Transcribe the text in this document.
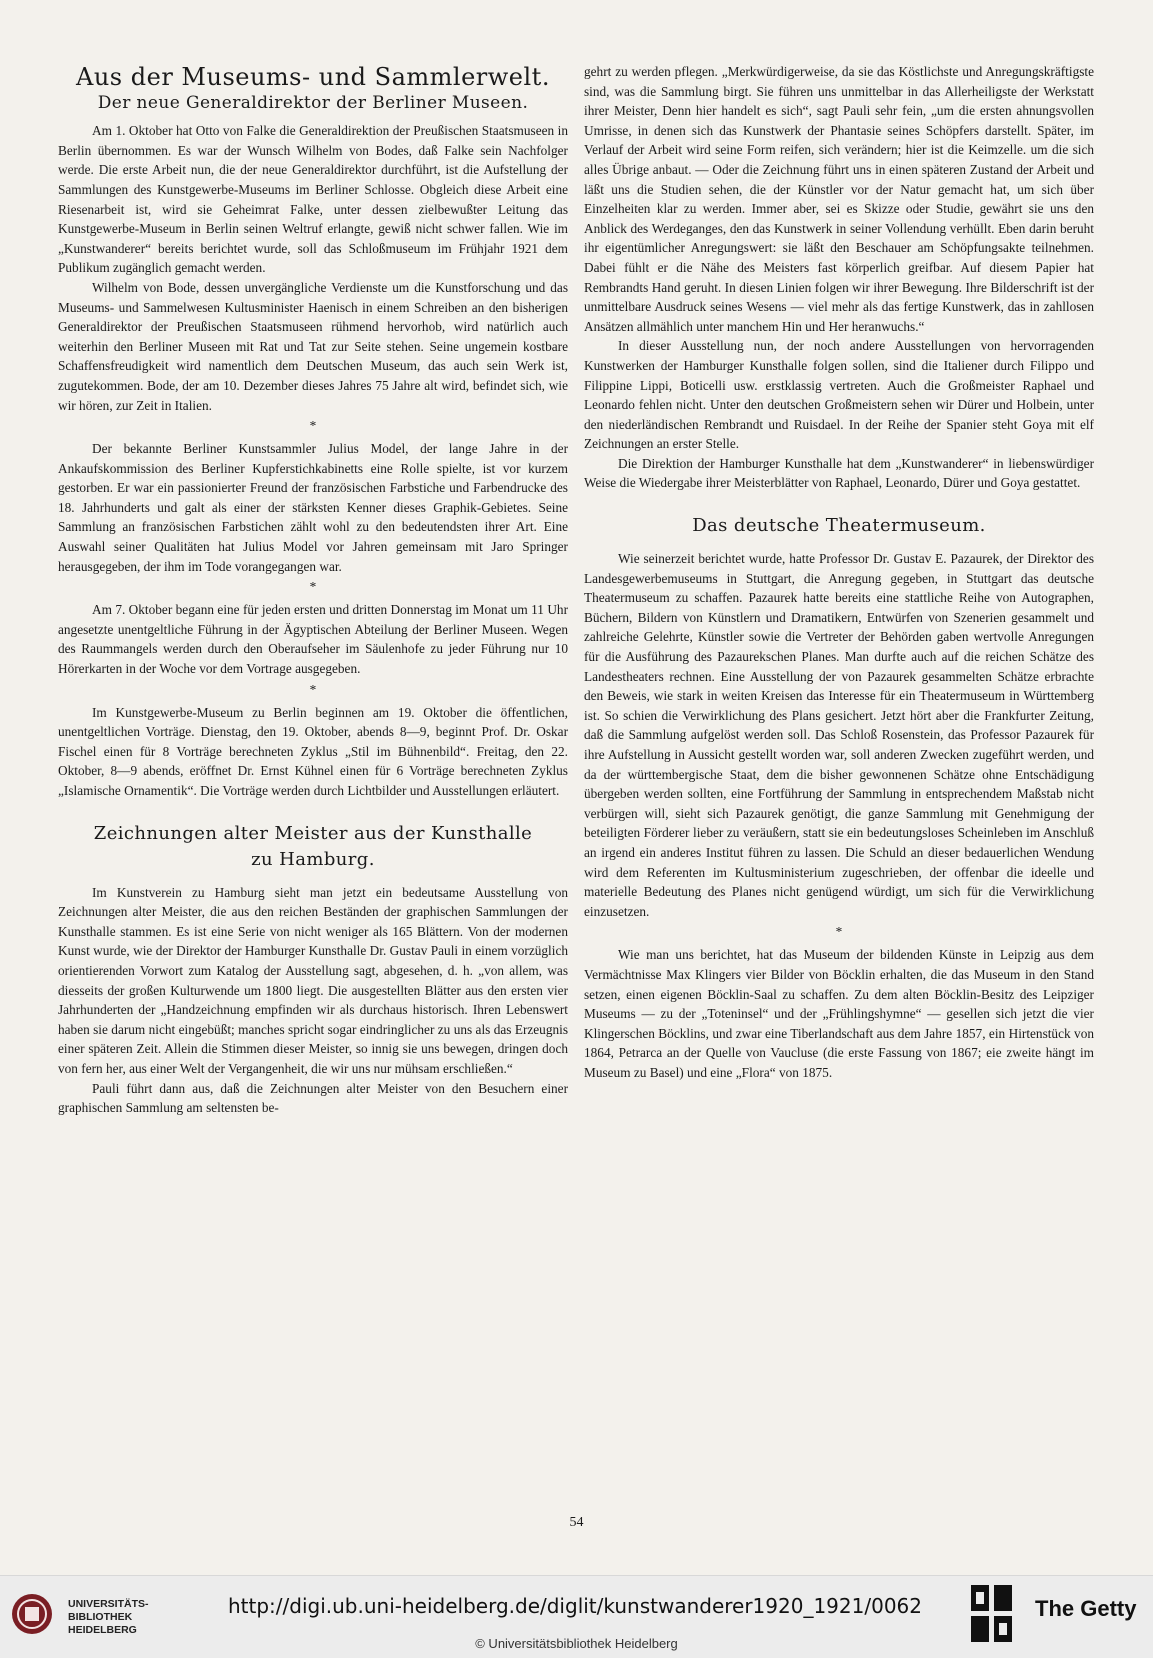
Aus der Museums- und Sammlerwelt.
Der neue Generaldirektor der Berliner Museen.

Am 1. Oktober hat Otto von Falke die Generaldirektion der Preußischen Staatsmuseen in Berlin übernommen. Es war der Wunsch Wilhelm von Bodes, daß Falke sein Nachfolger werde. Die erste Arbeit nun, die der neue Generaldirektor durchführt, ist die Aufstellung der Sammlungen des Kunstgewerbe-Museums im Berliner Schlosse. Obgleich diese Arbeit eine Riesenarbeit ist, wird sie Geheimrat Falke, unter dessen zielbewußter Leitung das Kunstgewerbe-Museum in Berlin seinen Weltruf erlangte, gewiß nicht schwer fallen. Wie im „Kunstwanderer“ bereits berichtet wurde, soll das Schloßmuseum im Frühjahr 1921 dem Publikum zugänglich gemacht werden.

Wilhelm von Bode, dessen unvergängliche Verdienste um die Kunstforschung und das Museums- und Sammelwesen Kultusminister Haenisch in einem Schreiben an den bisherigen Generaldirektor der Preußischen Staatsmuseen rühmend hervorhob, wird natürlich auch weiterhin den Berliner Museen mit Rat und Tat zur Seite stehen. Seine ungemein kostbare Schaffensfreudigkeit wird namentlich dem Deutschen Museum, das auch sein Werk ist, zugutekommen. Bode, der am 10. Dezember dieses Jahres 75 Jahre alt wird, befindet sich, wie wir hören, zur Zeit in Italien.

*

Der bekannte Berliner Kunstsammler Julius Model, der lange Jahre in der Ankaufskommission des Berliner Kupferstichkabinetts eine Rolle spielte, ist vor kurzem gestorben. Er war ein passionierter Freund der französischen Farbstiche und Farbendrucke des 18. Jahrhunderts und galt als einer der stärksten Kenner dieses Graphik-Gebietes. Seine Sammlung an französischen Farbstichen zählt wohl zu den bedeutendsten ihrer Art. Eine Auswahl seiner Qualitäten hat Julius Model vor Jahren gemeinsam mit Jaro Springer herausgegeben, der ihm im Tode vorangegangen war.

*

Am 7. Oktober begann eine für jeden ersten und dritten Donnerstag im Monat um 11 Uhr angesetzte unentgeltliche Führung in der Ägyptischen Abteilung der Berliner Museen. Wegen des Raummangels werden durch den Oberaufseher im Säulenhofe zu jeder Führung nur 10 Hörerkarten in der Woche vor dem Vortrage ausgegeben.

*

Im Kunstgewerbe-Museum zu Berlin beginnen am 19. Oktober die öffentlichen, unentgeltlichen Vorträge. Dienstag, den 19. Oktober, abends 8—9, beginnt Prof. Dr. Oskar Fischel einen für 8 Vorträge berechneten Zyklus „Stil im Bühnenbild“. Freitag, den 22. Oktober, 8—9 abends, eröffnet Dr. Ernst Kühnel einen für 6 Vorträge berechneten Zyklus „Islamische Ornamentik“. Die Vorträge werden durch Lichtbilder und Ausstellungen erläutert.

Zeichnungen alter Meister aus der Kunsthalle
zu Hamburg.

Im Kunstverein zu Hamburg sieht man jetzt ein bedeutsame Ausstellung von Zeichnungen alter Meister, die aus den reichen Beständen der graphischen Sammlungen der Kunsthalle stammen. Es ist eine Serie von nicht weniger als 165 Blättern. Von der modernen Kunst wurde, wie der Direktor der Hamburger Kunsthalle Dr. Gustav Pauli in einem vorzüglich orientierenden Vorwort zum Katalog der Ausstellung sagt, abgesehen, d. h. „von allem, was diesseits der großen Kulturwende um 1800 liegt. Die ausgestellten Blätter aus den ersten vier Jahrhunderten der „Handzeichnung empfinden wir als durchaus historisch. Ihren Lebenswert haben sie darum nicht eingebüßt; manches spricht sogar eindringlicher zu uns als das Erzeugnis einer späteren Zeit. Allein die Stimmen dieser Meister, so innig sie uns bewegen, dringen doch von fern her, aus einer Welt der Vergangenheit, die wir uns nur mühsam erschließen.“

Pauli führt dann aus, daß die Zeichnungen alter Meister von den Besuchern einer graphischen Sammlung am seltensten be-

gehrt zu werden pflegen. „Merkwürdigerweise, da sie das Köstlichste und Anregungskräftigste sind, was die Sammlung birgt. Sie führen uns unmittelbar in das Allerheiligste der Werkstatt ihrer Meister, Denn hier handelt es sich“, sagt Pauli sehr fein, „um die ersten ahnungsvollen Umrisse, in denen sich das Kunstwerk der Phantasie seines Schöpfers darstellt. Später, im Verlauf der Arbeit wird seine Form reifen, sich verändern; hier ist die Keimzelle. um die sich alles Übrige anbaut. — Oder die Zeichnung führt uns in einen späteren Zustand der Arbeit und läßt uns die Studien sehen, die der Künstler vor der Natur gemacht hat, um sich über Einzelheiten klar zu werden. Immer aber, sei es Skizze oder Studie, gewährt sie uns den Anblick des Werdeganges, den das Kunstwerk in seiner Vollendung verhüllt. Eben darin beruht ihr eigentümlicher Anregungswert: sie läßt den Beschauer am Schöpfungsakte teilnehmen. Dabei fühlt er die Nähe des Meisters fast körperlich greifbar. Auf diesem Papier hat Rembrandts Hand geruht. In diesen Linien folgen wir ihrer Bewegung. Ihre Bilderschrift ist der unmittelbare Ausdruck seines Wesens — viel mehr als das fertige Kunstwerk, das in zahllosen Ansätzen allmählich unter manchem Hin und Her heranwuchs.“

In dieser Ausstellung nun, der noch andere Ausstellungen von hervorragenden Kunstwerken der Hamburger Kunsthalle folgen sollen, sind die Italiener durch Filippo und Filippine Lippi, Boticelli usw. erstklassig vertreten. Auch die Großmeister Raphael und Leonardo fehlen nicht. Unter den deutschen Großmeistern sehen wir Dürer und Holbein, unter den niederländischen Rembrandt und Ruisdael. In der Reihe der Spanier steht Goya mit elf Zeichnungen an erster Stelle.

Die Direktion der Hamburger Kunsthalle hat dem „Kunstwanderer“ in liebenswürdiger Weise die Wiedergabe ihrer Meisterblätter von Raphael, Leonardo, Dürer und Goya gestattet.

Das deutsche Theatermuseum.

Wie seinerzeit berichtet wurde, hatte Professor Dr. Gustav E. Pazaurek, der Direktor des Landesgewerbemuseums in Stuttgart, die Anregung gegeben, in Stuttgart das deutsche Theatermuseum zu schaffen. Pazaurek hatte bereits eine stattliche Reihe von Autographen, Büchern, Bildern von Künstlern und Dramatikern, Entwürfen von Szenerien gesammelt und zahlreiche Gelehrte, Künstler sowie die Vertreter der Behörden gaben wertvolle Anregungen für die Ausführung des Pazaurekschen Planes. Man durfte auch auf die reichen Schätze des Landestheaters rechnen. Eine Ausstellung der von Pazaurek gesammelten Schätze erbrachte den Beweis, wie stark in weiten Kreisen das Interesse für ein Theatermuseum in Württemberg ist. So schien die Verwirklichung des Plans gesichert. Jetzt hört aber die Frankfurter Zeitung, daß die Sammlung aufgelöst werden soll. Das Schloß Rosenstein, das Professor Pazaurek für ihre Aufstellung in Aussicht gestellt worden war, soll anderen Zwecken zugeführt werden, und da der württembergische Staat, dem die bisher gewonnenen Schätze ohne Entschädigung übergeben werden sollten, eine Fortführung der Sammlung in entsprechendem Maßstab nicht verbürgen will, sieht sich Pazaurek genötigt, die ganze Sammlung mit Genehmigung der beteiligten Förderer lieber zu veräußern, statt sie ein bedeutungsloses Scheinleben im Anschluß an irgend ein anderes Institut führen zu lassen. Die Schuld an dieser bedauerlichen Wendung wird dem Referenten im Kultusministerium zugeschrieben, der offenbar die ideelle und materielle Bedeutung des Planes nicht genügend würdigt, um sich für die Verwirklichung einzusetzen.

*

Wie man uns berichtet, hat das Museum der bildenden Künste in Leipzig aus dem Vermächtnisse Max Klingers vier Bilder von Böcklin erhalten, die das Museum in den Stand setzen, einen eigenen Böcklin-Saal zu schaffen. Zu dem alten Böcklin-Besitz des Leipziger Museums — zu der „Toteninsel“ und der „Frühlingshymne“ — gesellen sich jetzt die vier Klingerschen Böcklins, und zwar eine Tiberlandschaft aus dem Jahre 1857, ein Hirtenstück von 1864, Petrarca an der Quelle von Vaucluse (die erste Fassung von 1867; eie zweite hängt im Museum zu Basel) und eine „Flora“ von 1875.

54
UNIVERSITÄTS-
BIBLIOTHEK
HEIDELBERG
http://digi.ub.uni-heidelberg.de/diglit/kunstwanderer1920_1921/0062
© Universitätsbibliothek Heidelberg
The Getty
